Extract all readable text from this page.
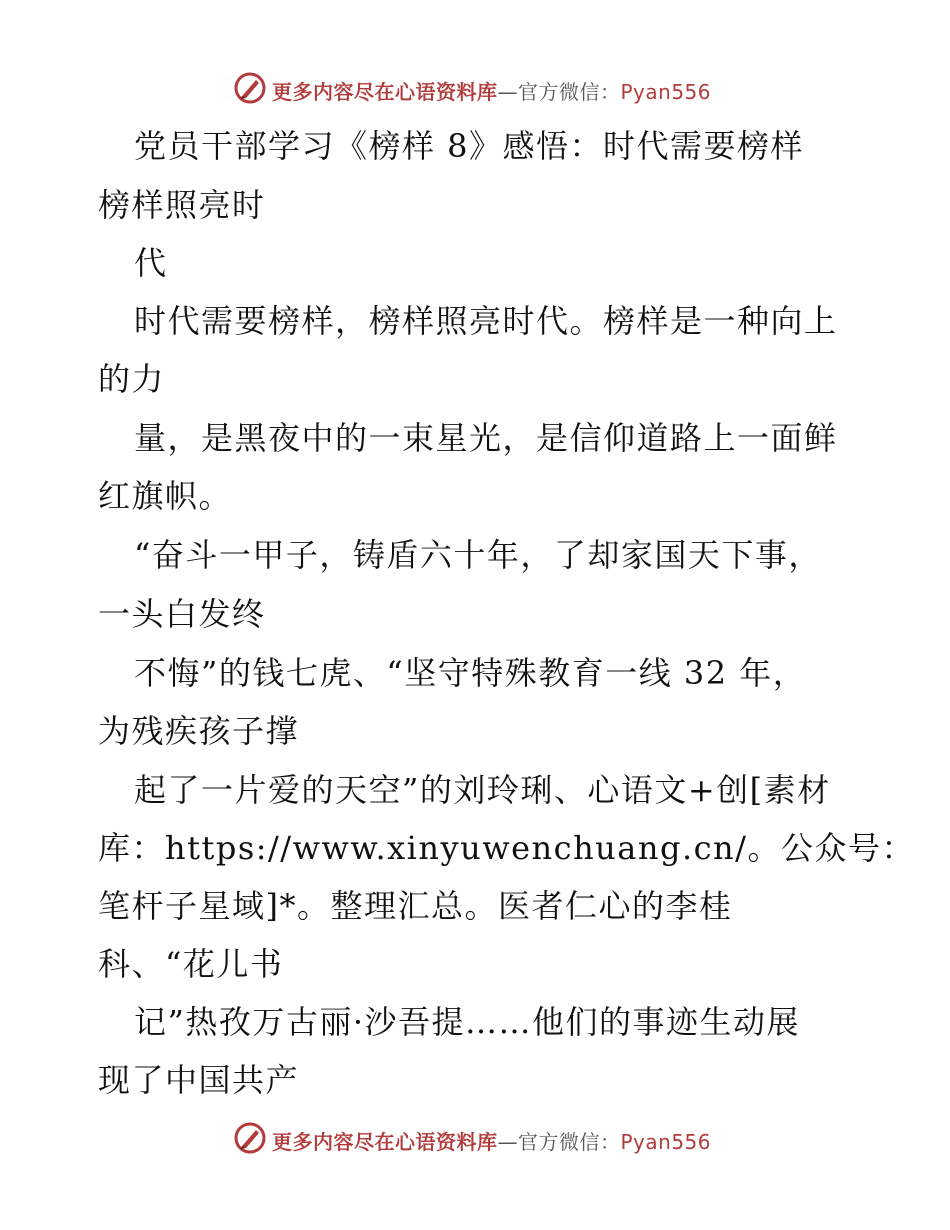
更多内容尽在心语资料库—官方微信：Pyan556
党员干部学习《榜样 8》感悟：时代需要榜样
榜样照亮时
代
时代需要榜样，榜样照亮时代。榜样是一种向上
的力
量，是黑夜中的一束星光，是信仰道路上一面鲜
红旗帜。
“奋斗一甲子，铸盾六十年，了却家国天下事，
一头白发终
不悔”的钱七虎、“坚守特殊教育一线 32 年，
为残疾孩子撑
起了一片爱的天空”的刘玲琍、心语文+创[素材
库：https://www.xinyuwenchuang.cn/。公众号：
笔杆子星域]*。整理汇总。医者仁心的李桂
科、“花儿书
记”热孜万古丽·沙吾提……他们的事迹生动展
现了中国共产
更多内容尽在心语资料库—官方微信：Pyan556
